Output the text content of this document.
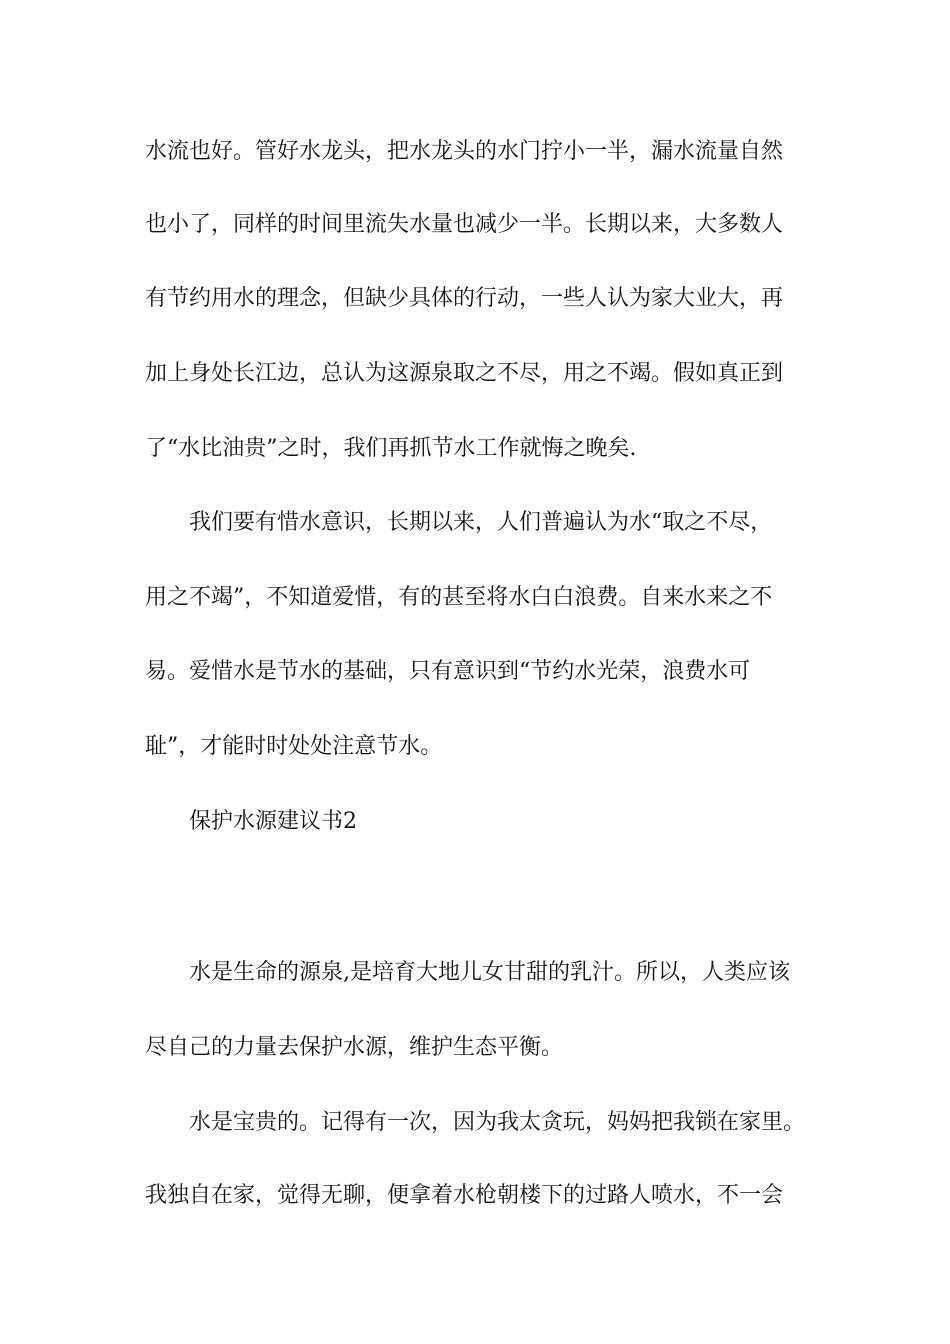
水流也好。管好水龙头，把水龙头的水门拧小一半，漏水流量自然
也小了，同样的时间里流失水量也减少一半。长期以来，大多数人
有节约用水的理念，但缺少具体的行动，一些人认为家大业大，再
加上身处长江边，总认为这源泉取之不尽，用之不竭。假如真正到
了“水比油贵”之时，我们再抓节水工作就悔之晚矣.
我们要有惜水意识，长期以来，人们普遍认为水“取之不尽，
用之不竭”，不知道爱惜，有的甚至将水白白浪费。自来水来之不
易。爱惜水是节水的基础，只有意识到“节约水光荣，浪费水可
耻”，才能时时处处注意节水。
保护水源建议书2
水是生命的源泉,是培育大地儿女甘甜的乳汁。所以，人类应该
尽自己的力量去保护水源，维护生态平衡。
水是宝贵的。记得有一次，因为我太贪玩，妈妈把我锁在家里。
我独自在家，觉得无聊，便拿着水枪朝楼下的过路人喷水，不一会
